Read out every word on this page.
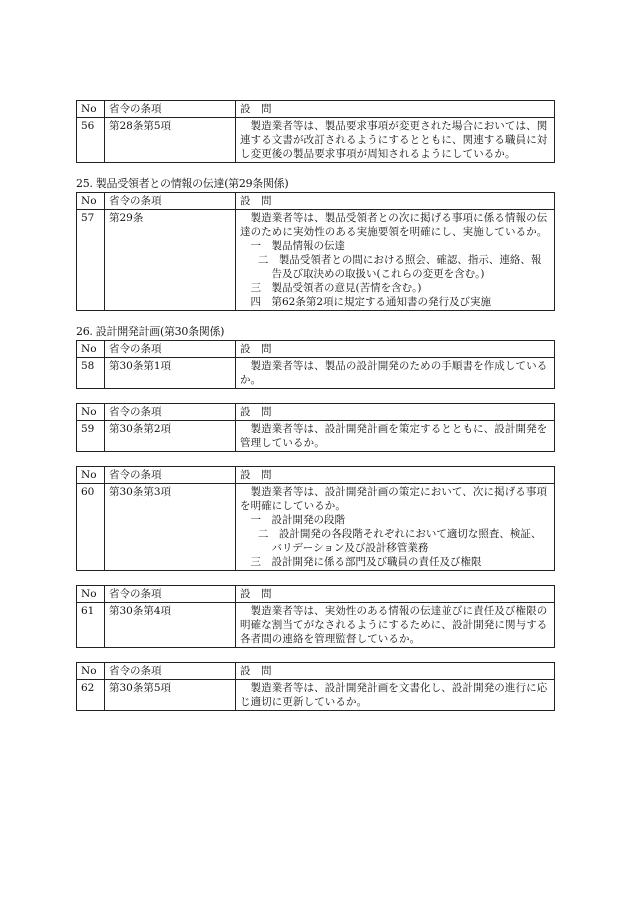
No	省令の条項	設　問
56	第28条第5項	製造業者等は、製品要求事項が変更された場合においては、関連する文書が改訂されるようにするとともに、関連する職員に対し変更後の製品要求事項が周知されるようにしているか。
25. 製品受領者との情報の伝達(第29条関係)
No	省令の条項	設　問
57	第29条	製造業者等は、製品受領者との次に掲げる事項に係る情報の伝達のために実効性のある実施要領を明確にし、実施しているか。
一　製品情報の伝達
二　製品受領者との間における照会、確認、指示、連絡、報告及び取決めの取扱い(これらの変更を含む。)
三　製品受領者の意見(苦情を含む。)
四　第62条第2項に規定する通知書の発行及び実施
26. 設計開発計画(第30条関係)
No	省令の条項	設　問
58	第30条第1項	製造業者等は、製品の設計開発のための手順書を作成しているか。
No	省令の条項	設　問
59	第30条第2項	製造業者等は、設計開発計画を策定するとともに、設計開発を管理しているか。
No	省令の条項	設　問
60	第30条第3項	製造業者等は、設計開発計画の策定において、次に掲げる事項を明確にしているか。
一　設計開発の段階
二　設計開発の各段階それぞれにおいて適切な照査、検証、バリデーション及び設計移管業務
三　設計開発に係る部門及び職員の責任及び権限
No	省令の条項	設　問
61	第30条第4項	製造業者等は、実効性のある情報の伝達並びに責任及び権限の明確な割当てがなされるようにするために、設計開発に関与する各者間の連絡を管理監督しているか。
No	省令の条項	設　問
62	第30条第5項	製造業者等は、設計開発計画を文書化し、設計開発の進行に応じ適切に更新しているか。
